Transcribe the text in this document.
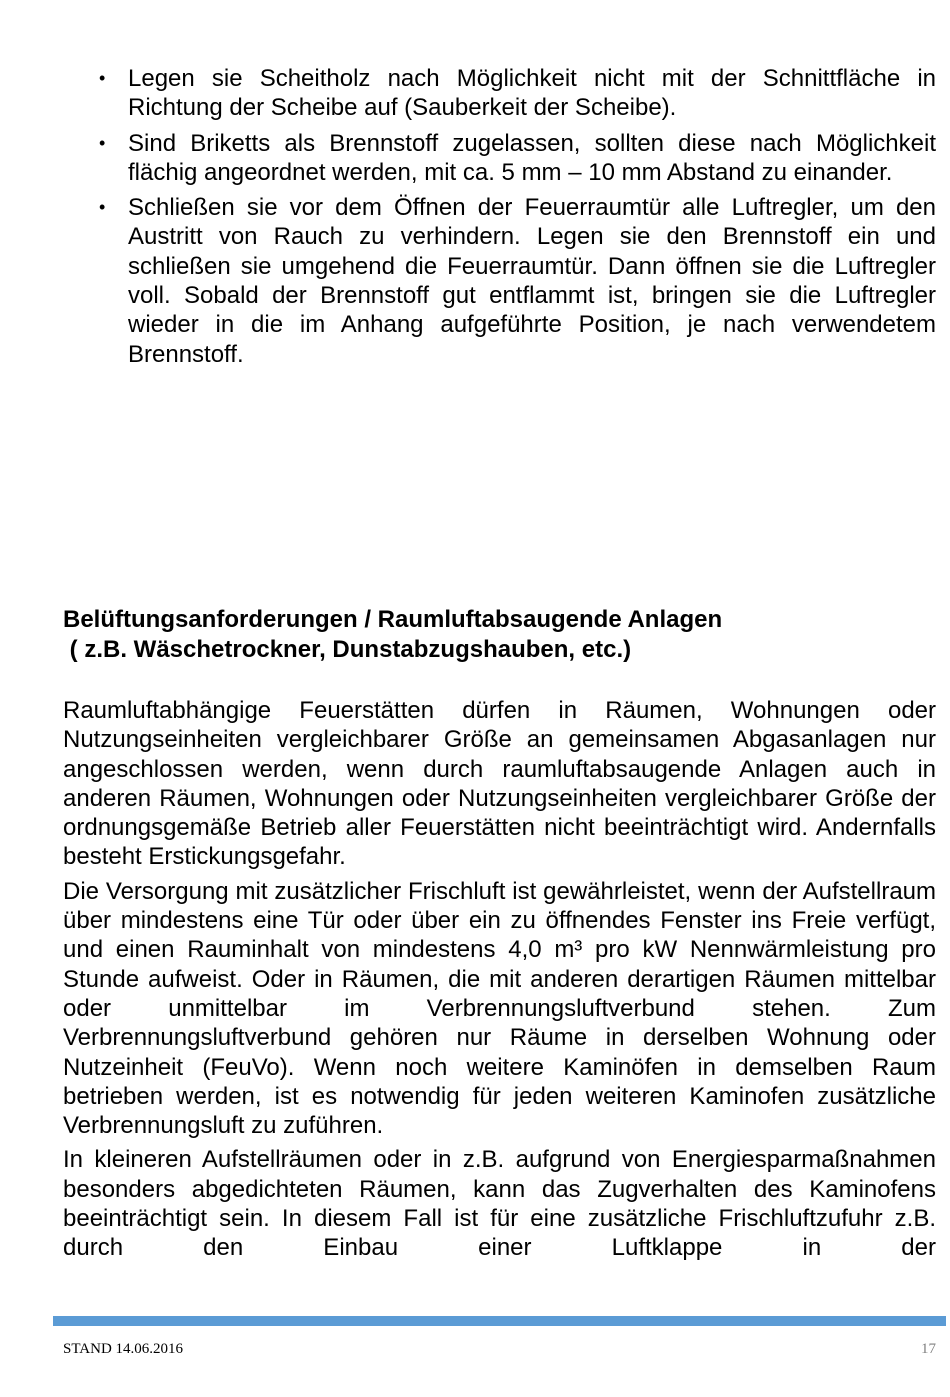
• Legen sie Scheitholz nach Möglichkeit nicht mit der Schnittfläche in Richtung der Scheibe auf (Sauberkeit der Scheibe).
• Sind Briketts als Brennstoff zugelassen, sollten diese nach Möglichkeit flächig angeordnet werden, mit ca. 5 mm – 10 mm Abstand zu einander.
• Schließen sie vor dem Öffnen der Feuerraumtür alle Luftregler, um den Austritt von Rauch zu verhindern. Legen sie den Brennstoff ein und schließen sie umgehend die Feuerraumtür. Dann öffnen sie die Luftregler voll. Sobald der Brennstoff gut entflammt ist, bringen sie die Luftregler wieder in die im Anhang aufgeführte Position, je nach verwendetem Brennstoff.
Belüftungsanforderungen / Raumluftabsaugende Anlagen
( z.B. Wäschetrockner, Dunstabzugshauben, etc.)

Raumluftabhängige Feuerstätten dürfen in Räumen, Wohnungen oder Nutzungseinheiten vergleichbarer Größe an gemeinsamen Abgasanlagen nur angeschlossen werden, wenn durch raumluftabsaugende Anlagen auch in anderen Räumen, Wohnungen oder Nutzungseinheiten vergleichbarer Größe der ordnungsgemäße Betrieb aller Feuerstätten nicht beeinträchtigt wird. Andernfalls besteht Erstickungsgefahr.

Die Versorgung mit zusätzlicher Frischluft ist gewährleistet, wenn der Aufstellraum über mindestens eine Tür oder über ein zu öffnendes Fenster ins Freie verfügt, und einen Rauminhalt von mindestens 4,0 m³ pro kW Nennwärmleistung pro Stunde aufweist. Oder in Räumen, die mit anderen derartigen Räumen mittelbar oder unmittelbar im Verbrennungsluftverbund stehen. Zum Verbrennungsluftverbund gehören nur Räume in derselben Wohnung oder Nutzeinheit (FeuVo). Wenn noch weitere Kaminöfen in demselben Raum betrieben werden, ist es notwendig für jeden weiteren Kaminofen zusätzliche Verbrennungsluft zu zuführen.

In kleineren Aufstellräumen oder in z.B. aufgrund von Energiesparmaßnahmen besonders abgedichteten Räumen, kann das Zugverhalten des Kaminofens beeinträchtigt sein. In diesem Fall ist für eine zusätzliche Frischluftzufuhr z.B. durch den Einbau einer Luftklappe in der

STAND 14.06.2016	17
